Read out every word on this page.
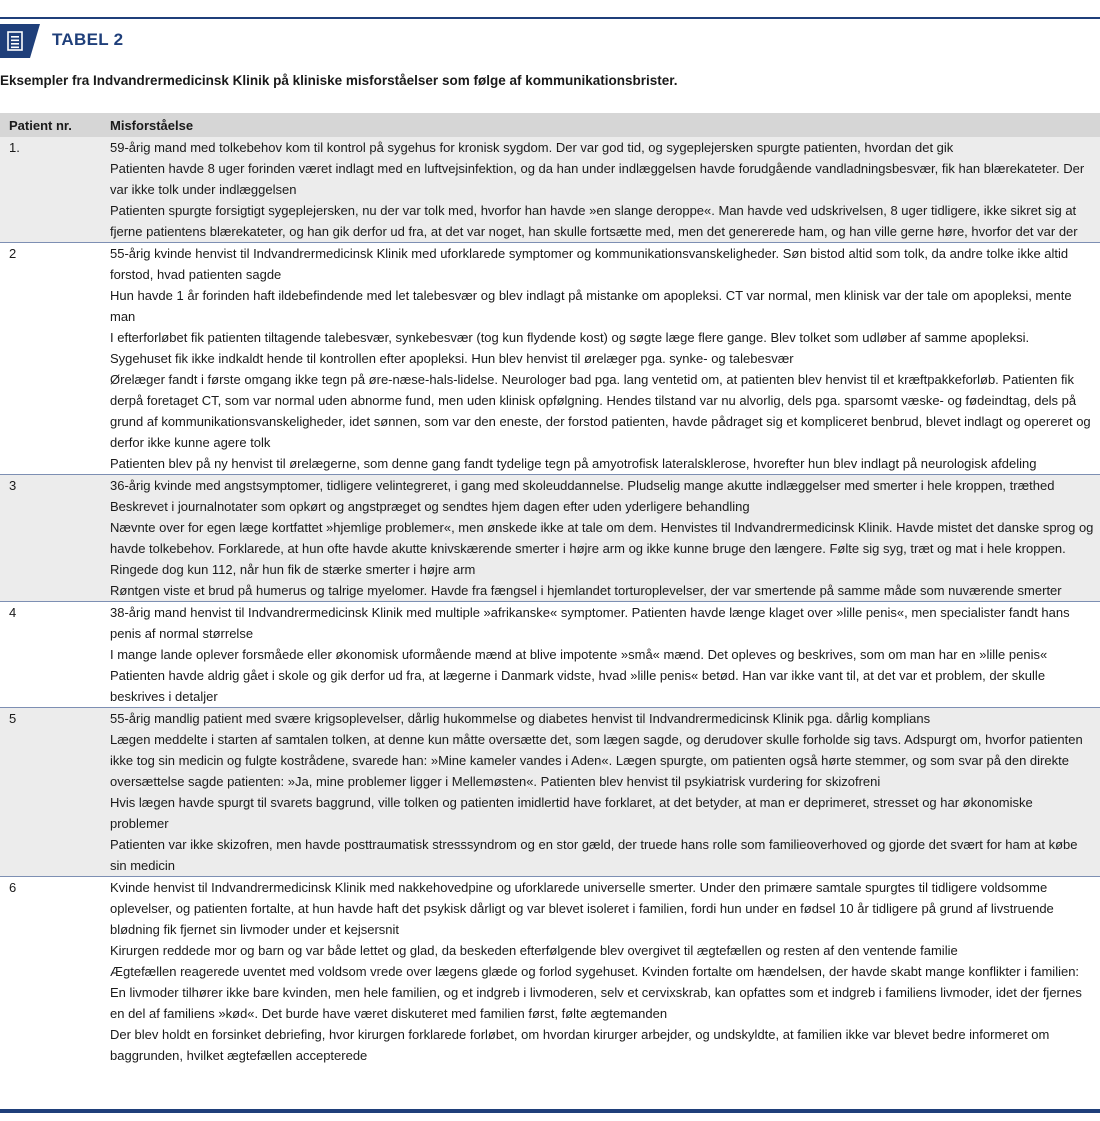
TABEL 2
Eksempler fra Indvandrermedicinsk Klinik på kliniske misforståelser som følge af kommunikationsbrister.
Patient nr.	Misforståelse
1.	59-årig mand med tolkebehov kom til kontrol på sygehus for kronisk sygdom. Der var god tid, og sygeplejersken spurgte patienten, hvordan det gik
Patienten havde 8 uger forinden været indlagt med en luftvejsinfektion, og da han under indlæggelsen havde forudgående vandladningsbesvær, fik han blærekateter. Der var ikke tolk under indlæggelsen
Patienten spurgte forsigtigt sygeplejersken, nu der var tolk med, hvorfor han havde »en slange deroppe«. Man havde ved udskrivelsen, 8 uger tidligere, ikke sikret sig at fjerne patientens blærekateter, og han gik derfor ud fra, at det var noget, han skulle fortsætte med, men det genererede ham, og han ville gerne høre, hvorfor det var der

2	55-årig kvinde henvist til Indvandrermedicinsk Klinik med uforklarede symptomer og kommunikationsvanskeligheder. Søn bistod altid som tolk, da andre tolke ikke altid forstod, hvad patienten sagde
Hun havde 1 år forinden haft ildebefindende med let talebesvær og blev indlagt på mistanke om apopleksi. CT var normal, men klinisk var der tale om apopleksi, mente man
I efterforløbet fik patienten tiltagende talebesvær, synkebesvær (tog kun flydende kost) og søgte læge flere gange. Blev tolket som udløber af samme apopleksi. Sygehuset fik ikke indkaldt hende til kontrollen efter apopleksi. Hun blev henvist til ørelæger pga. synke- og talebesvær
Ørelæger fandt i første omgang ikke tegn på øre-næse-hals-lidelse. Neurologer bad pga. lang ventetid om, at patienten blev henvist til et kræftpakkeforløb. Patienten fik derpå foretaget CT, som var normal uden abnorme fund, men uden klinisk opfølgning. Hendes tilstand var nu alvorlig, dels pga. sparsomt væske- og fødeindtag, dels på grund af kommunikationsvanskeligheder, idet sønnen, som var den eneste, der forstod patienten, havde pådraget sig et kompliceret benbrud, blevet indlagt og opereret og derfor ikke kunne agere tolk
Patienten blev på ny henvist til ørelægerne, som denne gang fandt tydelige tegn på amyotrofisk lateralsklerose, hvorefter hun blev indlagt på neurologisk afdeling

3	36-årig kvinde med angstsymptomer, tidligere velintegreret, i gang med skoleuddannelse. Pludselig mange akutte indlæggelser med smerter i hele kroppen, træthed
Beskrevet i journalnotater som opkørt og angstpræget og sendtes hjem dagen efter uden yderligere behandling
Nævnte over for egen læge kortfattet »hjemlige problemer«, men ønskede ikke at tale om dem. Henvistes til Indvandrermedicinsk Klinik. Havde mistet det danske sprog og havde tolkebehov. Forklarede, at hun ofte havde akutte knivskærende smerter i højre arm og ikke kunne bruge den længere. Følte sig syg, træt og mat i hele kroppen. Ringede dog kun 112, når hun fik de stærke smerter i højre arm
Røntgen viste et brud på humerus og talrige myelomer. Havde fra fængsel i hjemlandet torturoplevelser, der var smertende på samme måde som nuværende smerter

4	38-årig mand henvist til Indvandrermedicinsk Klinik med multiple »afrikanske« symptomer. Patienten havde længe klaget over »lille penis«, men specialister fandt hans penis af normal størrelse
I mange lande oplever forsmåede eller økonomisk uformående mænd at blive impotente »små« mænd. Det opleves og beskrives, som om man har en »lille penis«
Patienten havde aldrig gået i skole og gik derfor ud fra, at lægerne i Danmark vidste, hvad »lille penis« betød. Han var ikke vant til, at det var et problem, der skulle beskrives i detaljer

5	55-årig mandlig patient med svære krigsoplevelser, dårlig hukommelse og diabetes henvist til Indvandrermedicinsk Klinik pga. dårlig komplians
Lægen meddelte i starten af samtalen tolken, at denne kun måtte oversætte det, som lægen sagde, og derudover skulle forholde sig tavs. Adspurgt om, hvorfor patienten ikke tog sin medicin og fulgte kostrådene, svarede han: »Mine kameler vandes i Aden«. Lægen spurgte, om patienten også hørte stemmer, og som svar på den direkte oversættelse sagde patienten: »Ja, mine problemer ligger i Mellemøsten«. Patienten blev henvist til psykiatrisk vurdering for skizofreni
Hvis lægen havde spurgt til svarets baggrund, ville tolken og patienten imidlertid have forklaret, at det betyder, at man er deprimeret, stresset og har økonomiske problemer
Patienten var ikke skizofren, men havde posttraumatisk stresssyndrom og en stor gæld, der truede hans rolle som familieoverhoved og gjorde det svært for ham at købe sin medicin

6	Kvinde henvist til Indvandrermedicinsk Klinik med nakkehovedpine og uforklarede universelle smerter. Under den primære samtale spurgtes til tidligere voldsomme oplevelser, og patienten fortalte, at hun havde haft det psykisk dårligt og var blevet isoleret i familien, fordi hun under en fødsel 10 år tidligere på grund af livstruende blødning fik fjernet sin livmoder under et kejsersnit
Kirurgen reddede mor og barn og var både lettet og glad, da beskeden efterfølgende blev overgivet til ægtefællen og resten af den ventende familie
Ægtefællen reagerede uventet med voldsom vrede over lægens glæde og forlod sygehuset. Kvinden fortalte om hændelsen, der havde skabt mange konflikter i familien: En livmoder tilhører ikke bare kvinden, men hele familien, og et indgreb i livmoderen, selv et cervixskrab, kan opfattes som et indgreb i familiens livmoder, idet der fjernes en del af familiens »kød«. Det burde have været diskuteret med familien først, følte ægtemanden
Der blev holdt en forsinket debriefing, hvor kirurgen forklarede forløbet, om hvordan kirurger arbejder, og undskyldte, at familien ikke var blevet bedre informeret om baggrunden, hvilket ægtefællen accepterede
